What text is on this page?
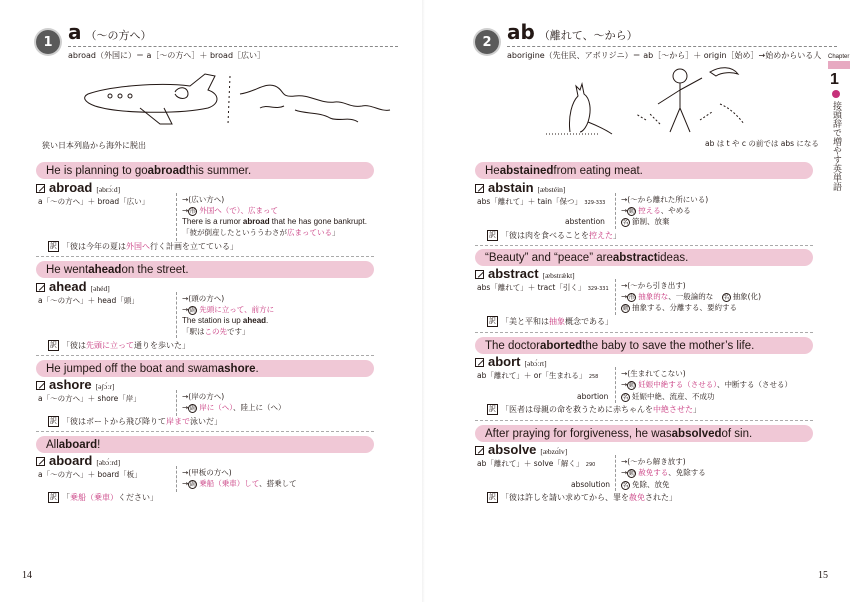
1 a （～の方へ）
abroad（外国に）＝ a［～の方へ］＋ broad［広い］
狭い日本列島から海外に脱出
He is planning to go abroad this summer.
abroad [əbrɔ́ːd]
a「～の方へ」＋ broad「広い」	→(広い方へ)
→形 外国へ（で）、広まって
There is a rumor abroad that he has gone bankrupt.
「彼が倒産したといううわさが広まっている」
訳 「彼は今年の夏は 外国へ 行く計画を立てている」
He went ahead on the street.
ahead [əhéd]
a「～の方へ」＋ head「頭」	→(頭の方へ)
→副 先頭に立って、前方に
The station is up ahead.
「駅はこの先です」
訳 「彼は 先頭に立って 通りを歩いた」
He jumped off the boat and swam ashore .
ashore [əʃɔ́ːr]
a「～の方へ」＋ shore「岸」	→(岸の方へ)
→副 岸に（へ）、陸上に（へ）
訳 「彼はボートから飛び降りて 岸まで 泳いだ」
All aboard !
aboard [əbɔ́ːrd]
a「～の方へ」＋ board「板」	→(甲板の方へ)
→副 乗船（乗車）して、搭乗して
訳 「 乗船（乗車） ください」
14
2 ab （離れて、～から）
aborigine（先住民、アボリジニ）＝ ab［～から］＋ origin［始め］→始めからいる人
ab は t や c の前では abs になる
He abstained from eating meat.
abstain [æbstéin]
abs「離れて」＋ tain「保つ」 329-333 →(～から離れた所にいる)
→動 控える、やめる
abstention	名 節制、放棄
訳 「彼は肉を食べることを 控えた 」
“Beauty” and “peace” are abstract ideas.
abstract [æbstrǽkt]
abs「離れて」＋ tract「引く」 329-331 →(～から引き出す)
→形 抽象的な、一般論的な 名 抽象(化)
動 抽象する、分離する、要約する
訳 「美と平和は 抽象 概念である」
The doctor aborted the baby to save the mother’s life.
abort [əbɔ́ːrt]
ab「離れて」＋ or「生まれる」 258	→(生まれてこない)
→動 妊娠中絶する（させる）、中断する（させる）
abortion 名 妊娠中絶、流産、不成功
訳 「医者は母親の命を救うために赤ちゃんを 中絶させた 」
After praying for forgiveness, he was absolved of sin.
absolve [æbzɑ́lv]
ab「離れて」＋ solve「解く」 290	→(～から解き放す)
→動 赦免する、免除する
absolution 名 免除、放免
訳 「彼は許しを請い求めてから、罪を 赦免 された」
15
Chapter
1
接頭辞で増やす英単語
